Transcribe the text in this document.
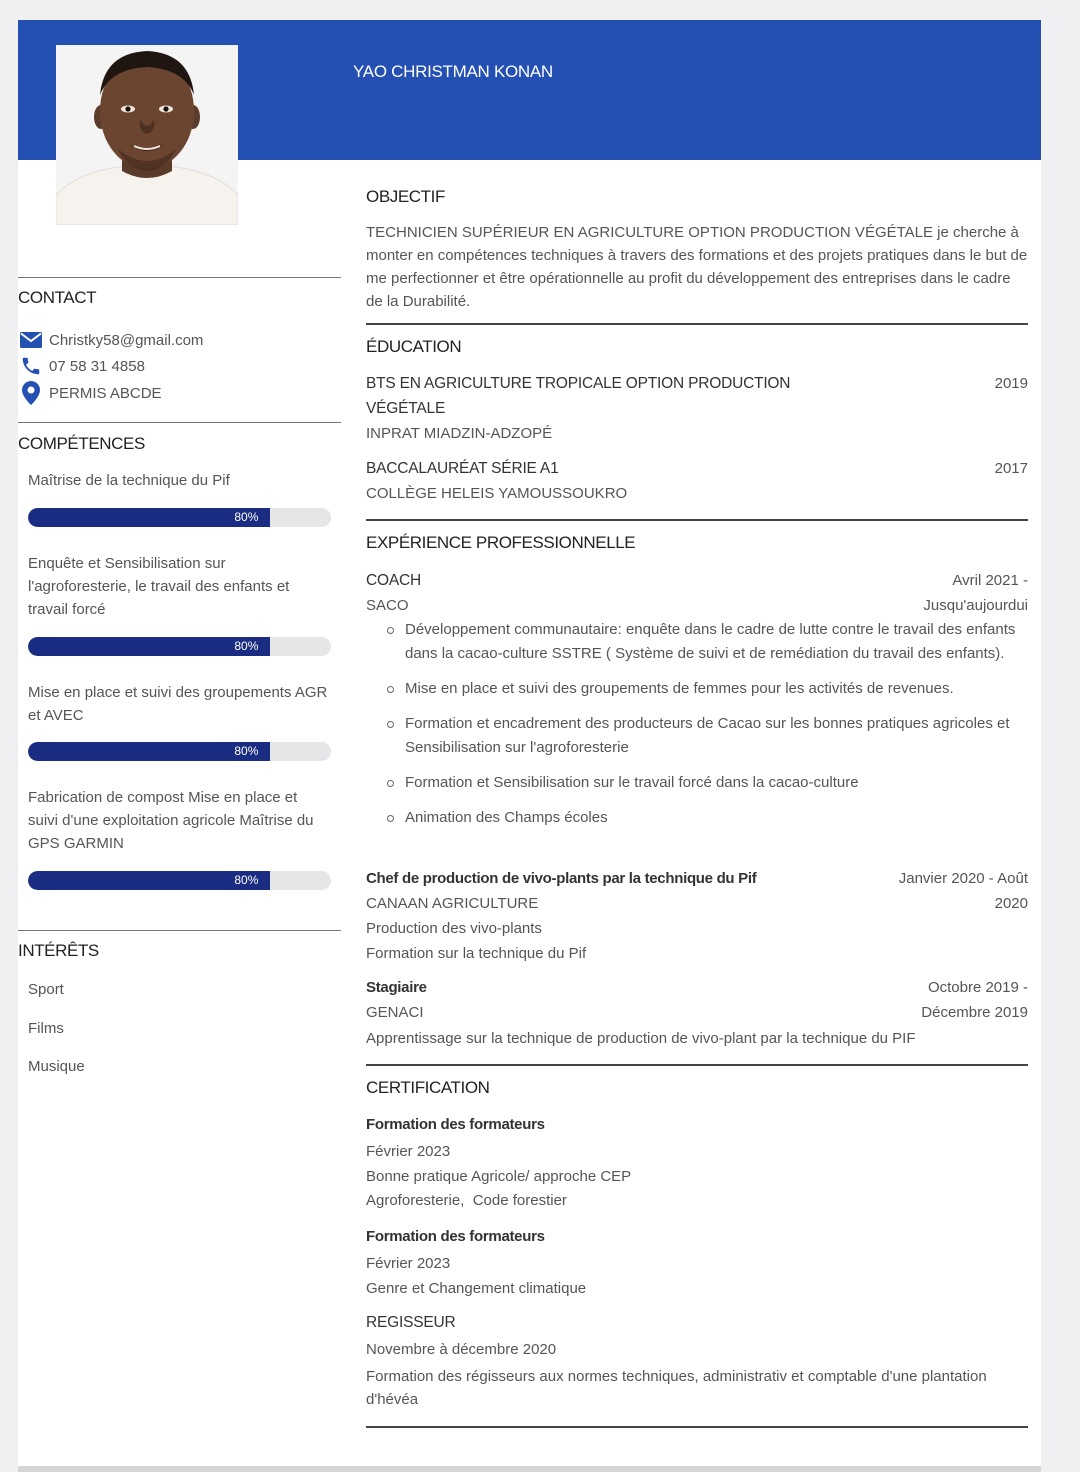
YAO CHRISTMAN KONAN
CONTACT
Christky58@gmail.com
07 58 31 4858
PERMIS ABCDE
COMPÉTENCES
Maîtrise de la technique du Pif
80%
Enquête et Sensibilisation sur l'agroforesterie, le travail des enfants et travail forcé
80%
Mise en place et suivi des groupements AGR et AVEC
80%
Fabrication de compost Mise en place et suivi d'une exploitation agricole Maîtrise du GPS GARMIN
80%
INTÉRÊTS
Sport
Films
Musique
OBJECTIF
TECHNICIEN SUPÉRIEUR EN AGRICULTURE OPTION PRODUCTION VÉGÉTALE je cherche à monter en compétences techniques à travers des formations et des projets pratiques dans le but de me perfectionner et être opérationnelle au profit du développement des entreprises dans le cadre de la Durabilité.
ÉDUCATION
BTS EN AGRICULTURE TROPICALE OPTION PRODUCTION	2019
VÉGÉTALE
INPRAT MIADZIN-ADZOPÉ
BACCALAURÉAT SÉRIE A1	2017
COLLÈGE HELEIS YAMOUSSOUKRO
EXPÉRIENCE PROFESSIONNELLE
COACH	Avril 2021 -
SACO	Jusqu'aujourdui
Développement communautaire: enquête dans le cadre de lutte contre le travail des enfants dans la cacao-culture SSTRE ( Système de suivi et de remédiation du travail des enfants).
Mise en place et suivi des groupements de femmes pour les activités de revenues.
Formation et encadrement des producteurs de Cacao sur les bonnes pratiques agricoles et Sensibilisation sur l'agroforesterie
Formation et Sensibilisation sur le travail forcé dans la cacao-culture
Animation des Champs écoles
Chef de production de vivo-plants par la technique du Pif	Janvier 2020 - Août
CANAAN AGRICULTURE	2020
Production des vivo-plants
Formation sur la technique du Pif
Stagiaire	Octobre 2019 -
GENACI	Décembre 2019
Apprentissage sur la technique de production de vivo-plant par la technique du PIF
CERTIFICATION
Formation des formateurs
Février 2023
Bonne pratique Agricole/ approche CEP
Agroforesterie,  Code forestier
Formation des formateurs
Février 2023
Genre et Changement climatique
REGISSEUR
Novembre à décembre 2020
Formation des régisseurs aux normes techniques, administrativ et comptable d'une plantation d'hévéa
